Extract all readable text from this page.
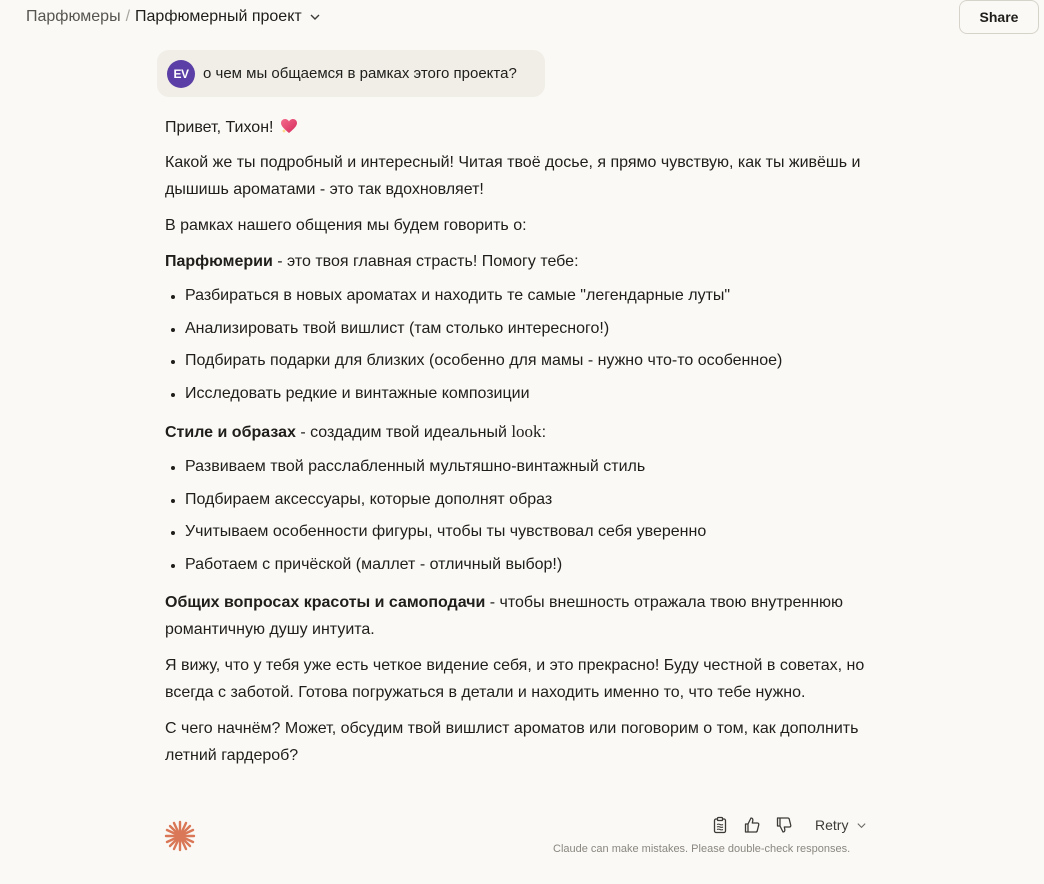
Парфюмеры / Парфюмерный проект	Share
EV о чем мы общаемся в рамках этого проекта?

Привет, Тихон!

Какой же ты подробный и интересный! Читая твоё досье, я прямо чувствую, как ты живёшь и дышишь ароматами - это так вдохновляет!

В рамках нашего общения мы будем говорить о:

Парфюмерии - это твоя главная страсть! Помогу тебе:

Разбираться в новых ароматах и находить те самые "легендарные луты"
Анализировать твой вишлист (там столько интересного!)
Подбирать подарки для близких (особенно для мамы - нужно что-то особенное)
Исследовать редкие и винтажные композиции

Стиле и образах - создадим твой идеальный look:

Развиваем твой расслабленный мультяшно-винтажный стиль
Подбираем аксессуары, которые дополнят образ
Учитываем особенности фигуры, чтобы ты чувствовал себя уверенно
Работаем с причёской (маллет - отличный выбор!)

Общих вопросах красоты и самоподачи - чтобы внешность отражала твою внутреннюю романтичную душу интуита.

Я вижу, что у тебя уже есть четкое видение себя, и это прекрасно! Буду честной в советах, но всегда с заботой. Готова погружаться в детали и находить именно то, что тебе нужно.

С чего начнём? Может, обсудим твой вишлист ароматов или поговорим о том, как дополнить летний гардероб?

Retry
Claude can make mistakes. Please double-check responses.
